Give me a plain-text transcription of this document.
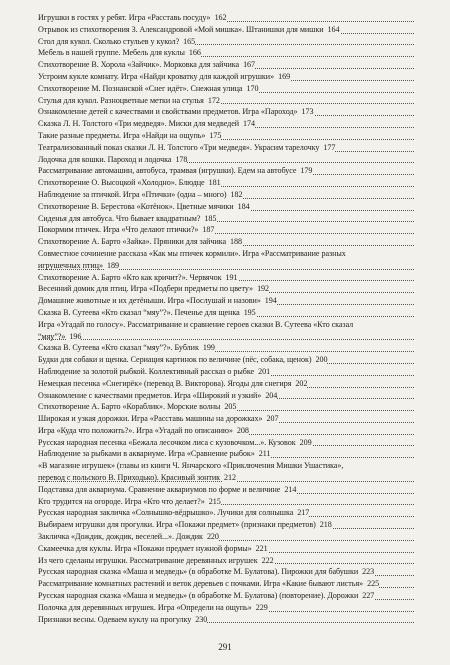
Игрушки в гостях у ребят. Игра «Расставь посуду» 162
Отрывок из стихотворения З. Александровой «Мой мишка». Штанишки для мишки 164
Стол для кукол. Сколько стульев у кукол? 165
Мебель в нашей группе. Мебель для куклы 166
Стихотворение В. Хорола «Зайчик». Морковка для зайчика 167
Устроим кукле комнату. Игра «Найди кроватку для каждой игрушки» 169
Стихотворение М. Познанской «Снег идёт». Снежная улица 170
Стулья для кукол. Разноцветные метки на стулья 172
Ознакомление детей с качествами и свойствами предметов. Игра «Пароход» 173
Сказка Л. Н. Толстого «Три медведя». Миски для медведей 174
Такие разные предметы. Игра «Найди на ощупь» 175
Театрализованный показ сказки Л. Н. Толстого «Три медведя». Украсим тарелочку 177
Лодочка для кошки. Пароход и лодочка 178
Рассматривание автомашин, автобуса, трамвая (игрушки). Едем на автобусе 179
Стихотворение О. Высоцкой «Холодно». Блюдце 181
Наблюдение за птичкой. Игра «Птички» (одна – много) 182
Стихотворение В. Берестова «Котёнок». Цветные мячики 184
Сиденья для автобуса. Что бывает квадратным? 185
Покормим птичек. Игра «Что делают птички?» 187
Стихотворение А. Барто «Зайка». Пряники для зайчика 188
Совместное сочинение рассказа «Как мы птичек кормили». Игра «Рассматривание разных
игрушечных птиц» 189
Стихотворение А. Барто «Кто как кричит?». Червячок 191
Весенний домик для птиц. Игра «Подбери предметы по цвету» 192
Домашние животные и их детёныши. Игра «Послушай и назови» 194
Сказка В. Сутеева «Кто сказал “мяу”?». Печенье для щенка 195
Игра «Угадай по голосу». Рассматривание и сравнение героев сказки В. Сутеева «Кто сказал
“мяу”?» 196
Сказка В. Сутеева «Кто сказал “мяу”?». Бублик 199
Будки для собаки и щенка. Сериация картинок по величине (пёс, собака, щенок) 200
Наблюдение за золотой рыбкой. Коллективный рассказ о рыбке 201
Немецкая песенка «Снегирёк» (перевод В. Викторова). Ягоды для снегиря 202
Ознакомление с качествами предметов. Игра «Широкий и узкий» 204
Стихотворение А. Барто «Кораблик». Морские волны 205
Широкая и узкая дорожки. Игра «Расставь машины на дорожках» 207
Игра «Куда что положить?». Игра «Угадай по описанию» 208
Русская народная песенка «Бежала лесочком лиса с кузовочком...». Кузовок 209
Наблюдение за рыбками в аквариуме. Игра «Сравнение рыбок» 211
«В магазине игрушек» (главы из книги Ч. Янчарского «Приключения Мишки Ушастика»,
перевод с польского В. Приходько). Красивый зонтик 212
Подставка для аквариума. Сравнение аквариумов по форме и величине 214
Кто трудится на огороде. Игра «Кто что делает?» 215
Русская народная закличка «Солнышко-вёдрышко». Лучики для солнышка 217
Выбираем игрушки для прогулки. Игра «Покажи предмет» (признаки предметов) 218
Закличка «Дождик, дождик, веселей...». Дождик 220
Скамеечка для куклы. Игра «Покажи предмет нужной формы» 221
Из чего сделаны игрушки. Рассматривание деревянных игрушек 222
Русская народная сказка «Маша и медведь» (в обработке М. Булатова). Пирожки для бабушки 223
Рассматривание комнатных растений и веток деревьев с почками. Игра «Какие бывают листья» 225
Русская народная сказка «Маша и медведь» (в обработке М. Булатова) (повторение). Дорожки 227
Полочка для деревянных игрушек. Игра «Определи на ощупь» 229
Признаки весны. Одеваем куклу на прогулку 230
291
